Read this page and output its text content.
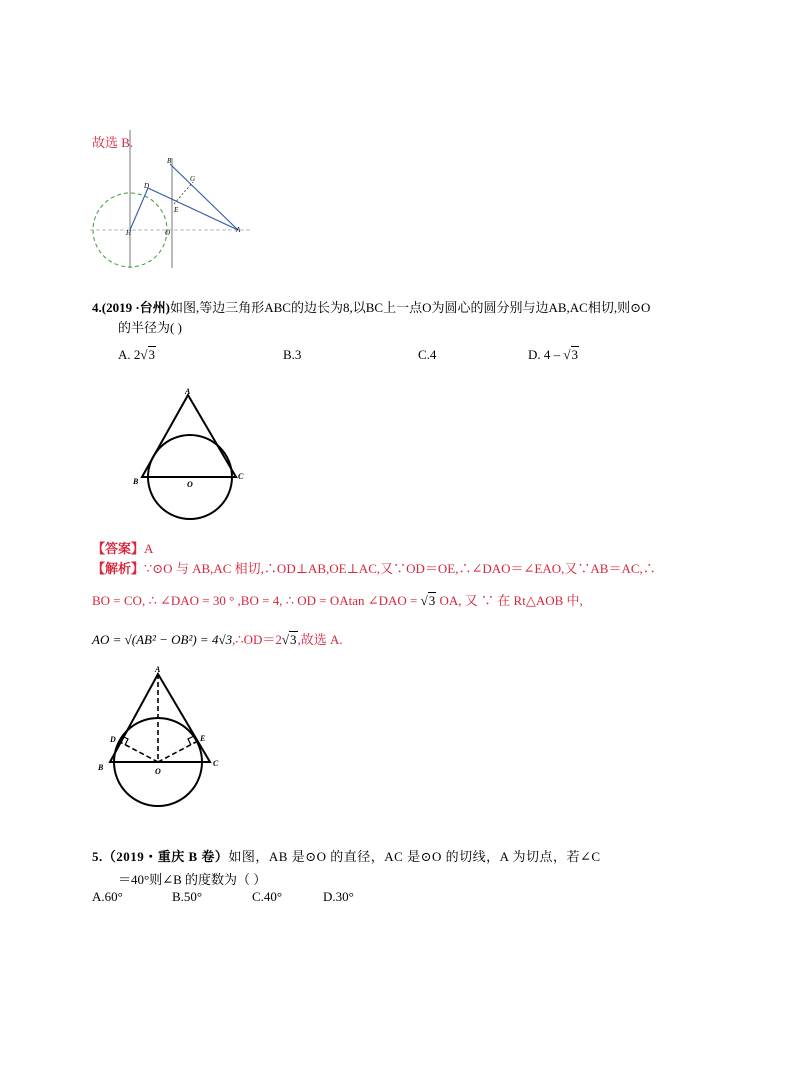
故选 B.
D
B
G
E
H	O	A
4.(2019 ·台州)如图,等边三角形ABC的边长为8,以BC上一点O为圆心的圆分别与边AB,AC相切,则⊙O
的半径为( )
A. 2√3	B.3	C.4	D. 4 – √3
A
B
C
O
【答案】A
【解析】∵⊙O 与 AB,AC 相切,∴OD⊥AB,OE⊥AC,又∵OD＝OE,∴∠DAO＝∠EAO,又∵AB＝AC,∴
BO = CO, ∴ ∠DAO = 30 ° ,BO = 4, ∴ OD = OAtan ∠DAO = √3 OA, 又 ∵ 在 Rt△AOB 中,
AO = √(AB² − OB²) = 4√3,∴OD＝2√3,故选 A.
A
D	E
B	C
O
5.（2019・重庆 B 卷）如图，AB 是⊙O 的直径，AC 是⊙O 的切线，A 为切点，若∠C
＝40°则∠B 的度数为（ ）
A.60°	B.50°	C.40°	D.30°
